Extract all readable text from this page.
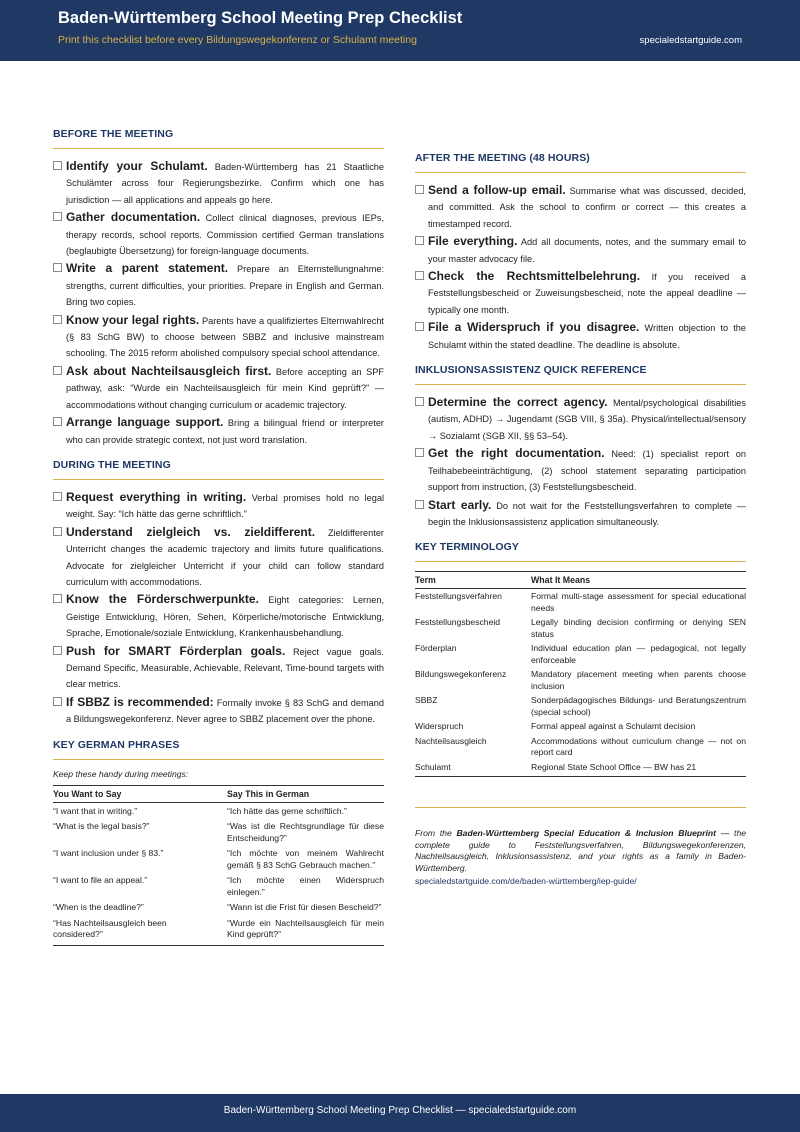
Baden-Württemberg School Meeting Prep Checklist
Print this checklist before every Bildungswegekonferenz or Schulamt meeting	specialedstartguide.com
BEFORE THE MEETING
Identify your Schulamt. Baden-Württemberg has 21 Staatliche Schulämter across four Regierungsbezirke. Confirm which one has jurisdiction — all applications and appeals go here.
Gather documentation. Collect clinical diagnoses, previous IEPs, therapy records, school reports. Commission certified German translations (beglaubigte Übersetzung) for foreign-language documents.
Write a parent statement. Prepare an Elternstellungnahme: strengths, current difficulties, your priorities. Prepare in English and German. Bring two copies.
Know your legal rights. Parents have a qualifiziertes Elternwahlrecht (§ 83 SchG BW) to choose between SBBZ and inclusive mainstream schooling. The 2015 reform abolished compulsory special school attendance.
Ask about Nachteilsausgleich first. Before accepting an SPF pathway, ask: “Wurde ein Nachteilsausgleich für mein Kind geprüft?” — accommodations without changing curriculum or academic trajectory.
Arrange language support. Bring a bilingual friend or interpreter who can provide strategic context, not just word translation.
DURING THE MEETING
Request everything in writing. Verbal promises hold no legal weight. Say: “Ich hätte das gerne schriftlich.”
Understand zielgleich vs. zieldifferent. Zieldifferenter Unterricht changes the academic trajectory and limits future qualifications. Advocate for zielgleicher Unterricht if your child can follow standard curriculum with accommodations.
Know the Förderschwerpunkte. Eight categories: Lernen, Geistige Entwicklung, Hören, Sehen, Körperliche/motorische Entwicklung, Sprache, Emotionale/soziale Entwicklung, Krankenhausbehandlung.
Push for SMART Förderplan goals. Reject vague goals. Demand Specific, Measurable, Achievable, Relevant, Time-bound targets with clear metrics.
If SBBZ is recommended: Formally invoke § 83 SchG and demand a Bildungswegekonferenz. Never agree to SBBZ placement over the phone.
KEY GERMAN PHRASES
Keep these handy during meetings:
You Want to Say	Say This in German
“I want that in writing.”	“Ich hätte das gerne schriftlich.”
“What is the legal basis?”	“Was ist die Rechtsgrundlage für diese Entscheidung?”
“I want inclusion under § 83.”	“Ich möchte von meinem Wahlrecht gemäß § 83 SchG Gebrauch machen.”
“I want to file an appeal.”	“Ich möchte einen Widerspruch einlegen.”
“When is the deadline?”	“Wann ist die Frist für diesen Bescheid?”
“Has Nachteilsausgleich been considered?”	“Wurde ein Nachteilsausgleich für mein Kind geprüft?”
AFTER THE MEETING (48 HOURS)
Send a follow-up email. Summarise what was discussed, decided, and committed. Ask the school to confirm or correct — this creates a timestamped record.
File everything. Add all documents, notes, and the summary email to your master advocacy file.
Check the Rechtsmittelbelehrung. If you received a Feststellungsbescheid or Zuweisungsbescheid, note the appeal deadline — typically one month.
File a Widerspruch if you disagree. Written objection to the Schulamt within the stated deadline. The deadline is absolute.
INKLUSIONSASSISTENZ QUICK REFERENCE
Determine the correct agency. Mental/psychological disabilities (autism, ADHD) → Jugendamt (SGB VIII, § 35a). Physical/intellectual/sensory → Sozialamt (SGB XII, §§ 53–54).
Get the right documentation. Need: (1) specialist report on Teilhabebeeinträchtigung, (2) school statement separating participation support from instruction, (3) Feststellungsbescheid.
Start early. Do not wait for the Feststellungsverfahren to complete — begin the Inklusionsassistenz application simultaneously.
KEY TERMINOLOGY
Term	What It Means
Feststellungsverfahren	Formal multi-stage assessment for special educational needs
Feststellungsbescheid	Legally binding decision confirming or denying SEN status
Förderplan	Individual education plan — pedagogical, not legally enforceable
Bildungswegekonferenz	Mandatory placement meeting when parents choose inclusion
SBBZ	Sonderpädagogisches Bildungs- und Beratungszentrum (special school)
Widerspruch	Formal appeal against a Schulamt decision
Nachteilsausgleich	Accommodations without curriculum change — not on report card
Schulamt	Regional State School Office — BW has 21
From the Baden-Württemberg Special Education & Inclusion Blueprint — the complete guide to Feststellungsverfahren, Bildungswegekonferenzen, Nachteilsausgleich, Inklusionsassistenz, and your rights as a family in Baden-Württemberg.
specialedstartguide.com/de/baden-württemberg/iep-guide/
Baden-Württemberg School Meeting Prep Checklist — specialedstartguide.com
